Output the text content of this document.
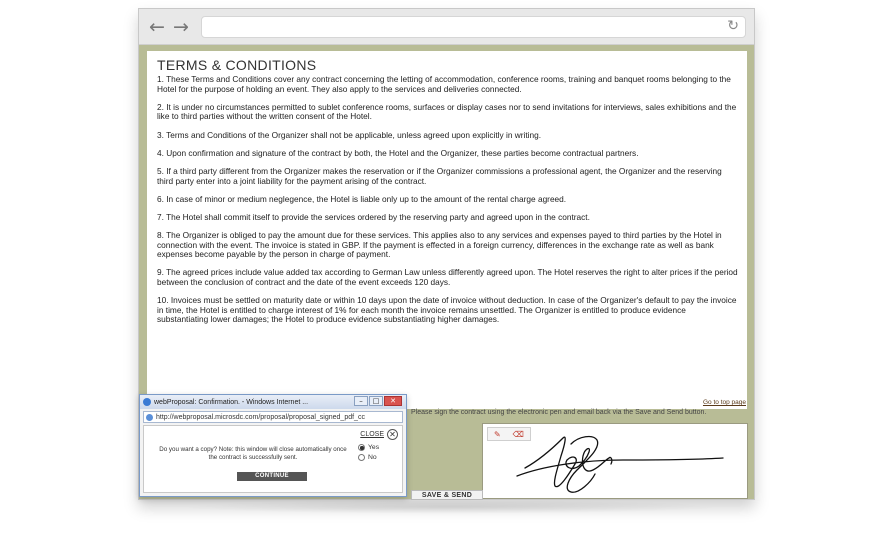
← →	↻
TERMS & CONDITIONS

1. These Terms and Conditions cover any contract concerning the letting of accommodation, conference rooms, training and banquet rooms belonging to the Hotel for the purpose of holding an event. They also apply to the services and deliveries connected.

2. It is under no circumstances permitted to sublet conference rooms, surfaces or display cases nor to send invitations for interviews, sales exhibitions and the like to third parties without the written consent of the Hotel.

3. Terms and Conditions of the Organizer shall not be applicable, unless agreed upon explicitly in writing.

4. Upon confirmation and signature of the contract by both, the Hotel and the Organizer, these parties become contractual partners.

5. If a third party different from the Organizer makes the reservation or if the Organizer commissions a professional agent, the Organizer and the reserving third party enter into a joint liability for the payment arising of the contract.

6. In case of minor or medium neglegence, the Hotel is liable only up to the amount of the rental charge agreed.

7. The Hotel shall commit itself to provide the services ordered by the reserving party and agreed upon in the contract.

8. The Organizer is obliged to pay the amount due for these services. This applies also to any services and expenses payed to third parties by the Hotel in connection with the event. The invoice is stated in GBP. If the payment is effected in a foreign currency, differences in the exchange rate as well as bank expenses become payable by the person in charge of payment.

9. The agreed prices include value added tax according to German Law unless differently agreed upon. The Hotel reserves the right to alter prices if the period between the conclusion of contract and the date of the event exceeds 120 days.

10. Invoices must be settled on maturity date or within 10 days upon the date of invoice without deduction. In case of the Organizer's default to pay the invoice in time, the Hotel is entitled to charge interest of 1% for each month the invoice remains unsettled. The Organizer is entitled to produce evidence substantiating lower damages; the Hotel to produce evidence substantiating higher damages.

Go to top page
Please sign the contract using the electronic pen and email back via the Save and Send button.
✎ ⌫
SAVE & SEND
webProposal: Confirmation. - Windows Internet ...	–	□	✕
http://webproposal.microsdc.com/proposal/proposal_signed_pdf_cc
CLOSE ✕
Do you want a copy? Note: this window will close automatically once the contract is successfully sent.
Yes
No
CONTINUE
